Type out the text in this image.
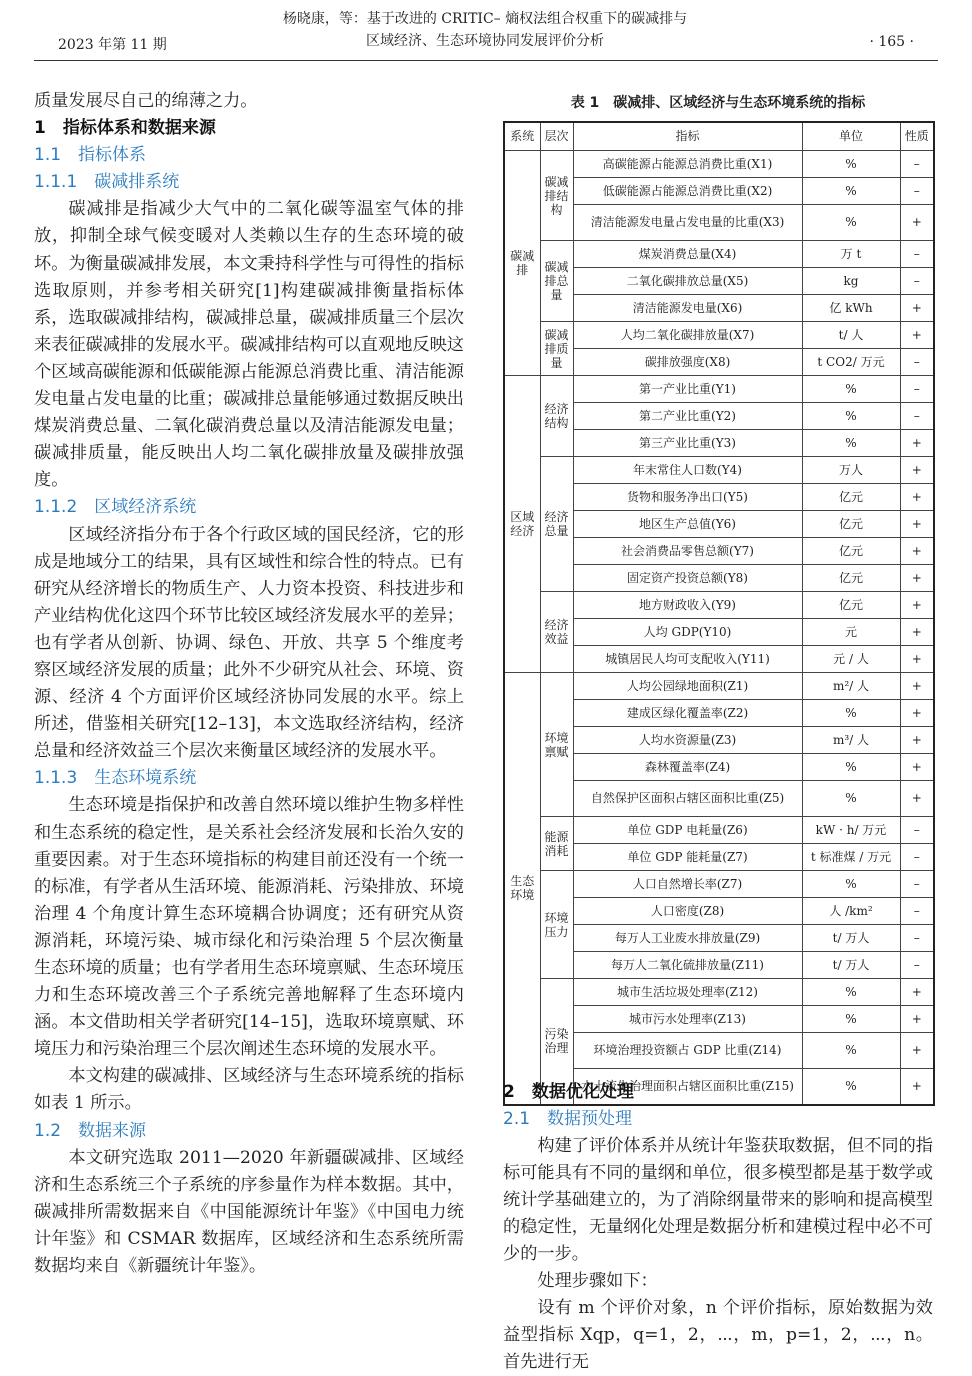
2023 年第 11 期
杨晓康，等：基于改进的 CRITIC– 熵权法组合权重下的碳减排与
区域经济、生态环境协同发展评价分析	· 165 ·

质量发展尽自己的绵薄之力。

1　指标体系和数据来源

1.1　指标体系

1.1.1　碳减排系统

碳减排是指减少大气中的二氧化碳等温室气体的排放，抑制全球气候变暖对人类赖以生存的生态环境的破坏。为衡量碳减排发展，本文秉持科学性与可得性的指标选取原则，并参考相关研究[1]构建碳减排衡量指标体系，选取碳减排结构，碳减排总量，碳减排质量三个层次来表征碳减排的发展水平。碳减排结构可以直观地反映这个区域高碳能源和低碳能源占能源总消费比重、清洁能源发电量占发电量的比重；碳减排总量能够通过数据反映出煤炭消费总量、二氧化碳消费总量以及清洁能源发电量；碳减排质量，能反映出人均二氧化碳排放量及碳排放强度。

1.1.2　区域经济系统

区域经济指分布于各个行政区域的国民经济，它的形成是地域分工的结果，具有区域性和综合性的特点。已有研究从经济增长的物质生产、人力资本投资、科技进步和产业结构优化这四个环节比较区域经济发展水平的差异；也有学者从创新、协调、绿色、开放、共享 5 个维度考察区域经济发展的质量；此外不少研究从社会、环境、资源、经济 4 个方面评价区域经济协同发展的水平。综上所述，借鉴相关研究[12–13]，本文选取经济结构，经济总量和经济效益三个层次来衡量区域经济的发展水平。

1.1.3　生态环境系统

生态环境是指保护和改善自然环境以维护生物多样性和生态系统的稳定性，是关系社会经济发展和长治久安的重要因素。对于生态环境指标的构建目前还没有一个统一的标准，有学者从生活环境、能源消耗、污染排放、环境治理 4 个角度计算生态环境耦合协调度；还有研究从资源消耗，环境污染、城市绿化和污染治理 5 个层次衡量生态环境的质量；也有学者用生态环境禀赋、生态环境压力和生态环境改善三个子系统完善地解释了生态环境内涵。本文借助相关学者研究[14–15]，选取环境禀赋、环境压力和污染治理三个层次阐述生态环境的发展水平。

本文构建的碳减排、区域经济与生态环境系统的指标如表 1 所示。

1.2　数据来源

本文研究选取 2011—2020 年新疆碳减排、区域经济和生态系统三个子系统的序参量作为样本数据。其中，碳减排所需数据来自《中国能源统计年鉴》《中国电力统计年鉴》和 CSMAR 数据库，区域经济和生态系统所需数据均来自《新疆统计年鉴》。

表 1　碳减排、区域经济与生态环境系统的指标
系统	层次	指标	单位	性质
碳减排	碳减排结构	高碳能源占能源总消费比重(X1)	%	–
		低碳能源占能源总消费比重(X2)	%	–
		清洁能源发电量占发电量的比重(X3)	%	+
	碳减排总量	煤炭消费总量(X4)	万 t	–
		二氧化碳排放总量(X5)	kg	–
		清洁能源发电量(X6)	亿 kWh	+
	碳减排质量	人均二氧化碳排放量(X7)	t/ 人	+
		碳排放强度(X8)	t CO2/ 万元	–
区域经济	经济结构	第一产业比重(Y1)	%	–
		第二产业比重(Y2)	%	–
		第三产业比重(Y3)	%	+
	经济总量	年末常住人口数(Y4)	万人	+
		货物和服务净出口(Y5)	亿元	+
		地区生产总值(Y6)	亿元	+
		社会消费品零售总额(Y7)	亿元	+
		固定资产投资总额(Y8)	亿元	+
	经济效益	地方财政收入(Y9)	亿元	+
		人均 GDP(Y10)	元	+
		城镇居民人均可支配收入(Y11)	元 / 人	+
生态环境	环境禀赋	人均公园绿地面积(Z1)	m²/ 人	+
		建成区绿化覆盖率(Z2)	%	+
		人均水资源量(Z3)	m³/ 人	+
		森林覆盖率(Z4)	%	+
		自然保护区面积占辖区面积比重(Z5)	%	+
	能源消耗	单位 GDP 电耗量(Z6)	kW · h/ 万元	–
		单位 GDP 能耗量(Z7)	t 标准煤 / 万元	–
	环境压力	人口自然增长率(Z7)	%	–
		人口密度(Z8)	人 /km²	–
		每万人工业废水排放量(Z9)	t/ 万人	–
		每万人二氧化硫排放量(Z11)	t/ 万人	–
	污染治理	城市生活垃圾处理率(Z12)	%	+
		城市污水处理率(Z13)	%	+
		环境治理投资额占 GDP 比重(Z14)	%	+
		水土流失治理面积占辖区面积比重(Z15)	%	+

2　数据优化处理

2.1　数据预处理

构建了评价体系并从统计年鉴获取数据，但不同的指标可能具有不同的量纲和单位，很多模型都是基于数学或统计学基础建立的，为了消除纲量带来的影响和提高模型的稳定性，无量纲化处理是数据分析和建模过程中必不可少的一步。

处理步骤如下：

设有 m 个评价对象，n 个评价指标，原始数据为效益型指标 Xqp，q=1，2，⋯，m，p=1，2，⋯，n。首先进行无
